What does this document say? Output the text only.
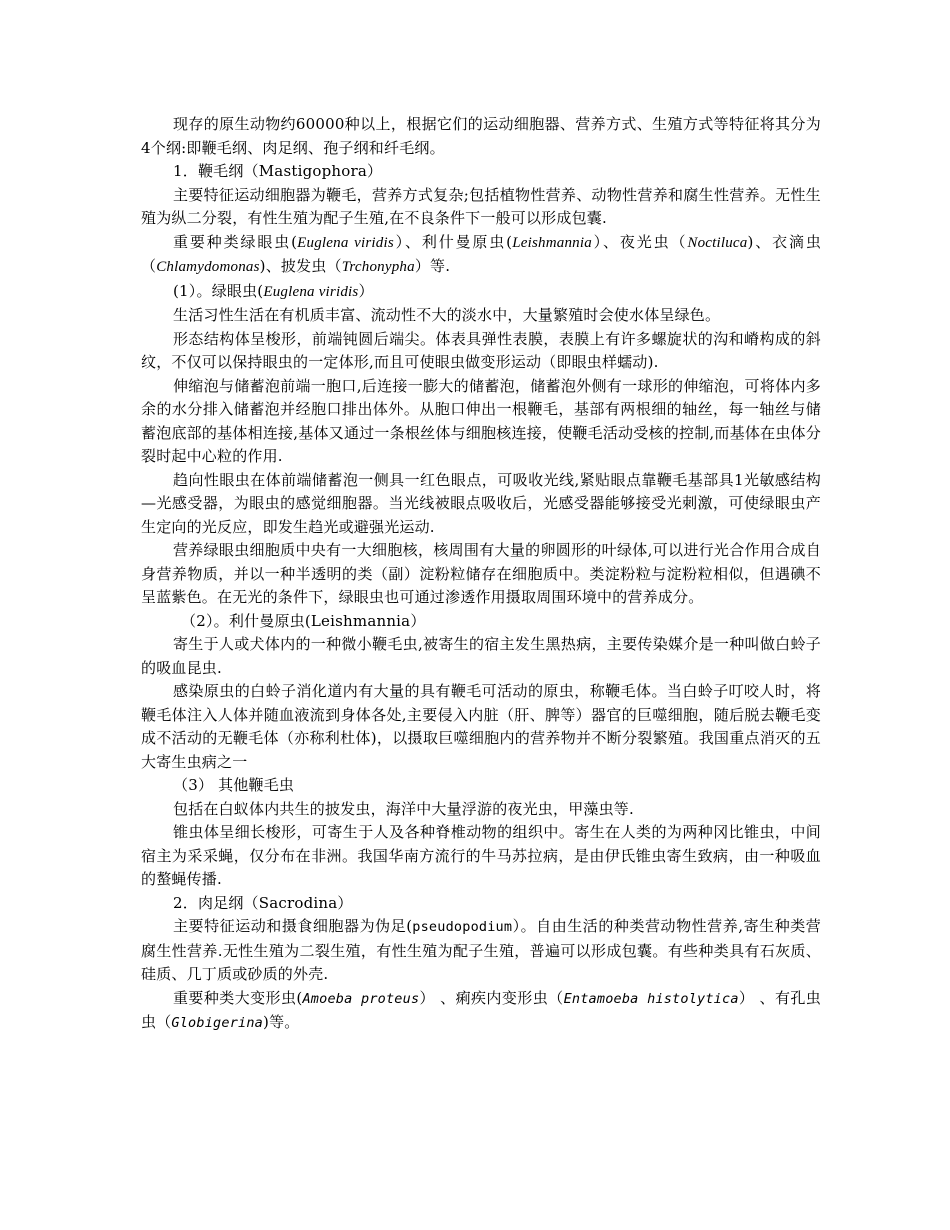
现存的原生动物约60000种以上，根据它们的运动细胞器、营养方式、生殖方式等特征将其分为4个纲:即鞭毛纲、肉足纲、孢子纲和纤毛纲。

1．鞭毛纲（Mastigophora）

主要特征运动细胞器为鞭毛，营养方式复杂;包括植物性营养、动物性营养和腐生性营养。无性生殖为纵二分裂，有性生殖为配子生殖,在不良条件下一般可以形成包囊.

重要种类绿眼虫(Euglena viridis）、利什曼原虫(Leishmannia）、夜光虫（Noctiluca)、衣滴虫（Chlamydomonas)、披发虫（Trchonypha）等.

(1）。绿眼虫(Euglena viridis）

生活习性生活在有机质丰富、流动性不大的淡水中，大量繁殖时会使水体呈绿色。

形态结构体呈梭形，前端钝圆后端尖。体表具弹性表膜，表膜上有许多螺旋状的沟和嵴构成的斜纹，不仅可以保持眼虫的一定体形,而且可使眼虫做变形运动（即眼虫样蠕动).

伸缩泡与储蓄泡前端一胞口,后连接一膨大的储蓄泡，储蓄泡外侧有一球形的伸缩泡，可将体内多余的水分排入储蓄泡并经胞口排出体外。从胞口伸出一根鞭毛，基部有两根细的轴丝，每一轴丝与储蓄泡底部的基体相连接,基体又通过一条根丝体与细胞核连接，使鞭毛活动受核的控制,而基体在虫体分裂时起中心粒的作用.

趋向性眼虫在体前端储蓄泡一侧具一红色眼点，可吸收光线,紧贴眼点靠鞭毛基部具1光敏感结构—光感受器，为眼虫的感觉细胞器。当光线被眼点吸收后，光感受器能够接受光刺激，可使绿眼虫产生定向的光反应，即发生趋光或避强光运动.

营养绿眼虫细胞质中央有一大细胞核，核周围有大量的卵圆形的叶绿体,可以进行光合作用合成自身营养物质，并以一种半透明的类（副）淀粉粒储存在细胞质中。类淀粉粒与淀粉粒相似，但遇碘不呈蓝紫色。在无光的条件下，绿眼虫也可通过渗透作用摄取周围环境中的营养成分。

（2）。利什曼原虫(Leishmannia）

寄生于人或犬体内的一种微小鞭毛虫,被寄生的宿主发生黑热病，主要传染媒介是一种叫做白蛉子的吸血昆虫.

感染原虫的白蛉子消化道内有大量的具有鞭毛可活动的原虫，称鞭毛体。当白蛉子叮咬人时，将鞭毛体注入人体并随血液流到身体各处,主要侵入内脏（肝、脾等）器官的巨噬细胞，随后脱去鞭毛变成不活动的无鞭毛体（亦称利杜体)，以摄取巨噬细胞内的营养物并不断分裂繁殖。我国重点消灭的五大寄生虫病之一

（3） 其他鞭毛虫

包括在白蚁体内共生的披发虫，海洋中大量浮游的夜光虫，甲藻虫等.

锥虫体呈细长梭形，可寄生于人及各种脊椎动物的组织中。寄生在人类的为两种冈比锥虫，中间宿主为采采蝇，仅分布在非洲。我国华南方流行的牛马苏拉病，是由伊氏锥虫寄生致病，由一种吸血的螯蝇传播.

2．肉足纲（Sacrodina）

主要特征运动和摄食细胞器为伪足(pseudopodium）。自由生活的种类营动物性营养,寄生种类营腐生性营养.无性生殖为二裂生殖，有性生殖为配子生殖，普遍可以形成包囊。有些种类具有石灰质、硅质、几丁质或砂质的外壳.

重要种类大变形虫(Amoeba proteus） 、痢疾内变形虫（Entamoeba histolytica） 、有孔虫虫（Globigerina)等。
